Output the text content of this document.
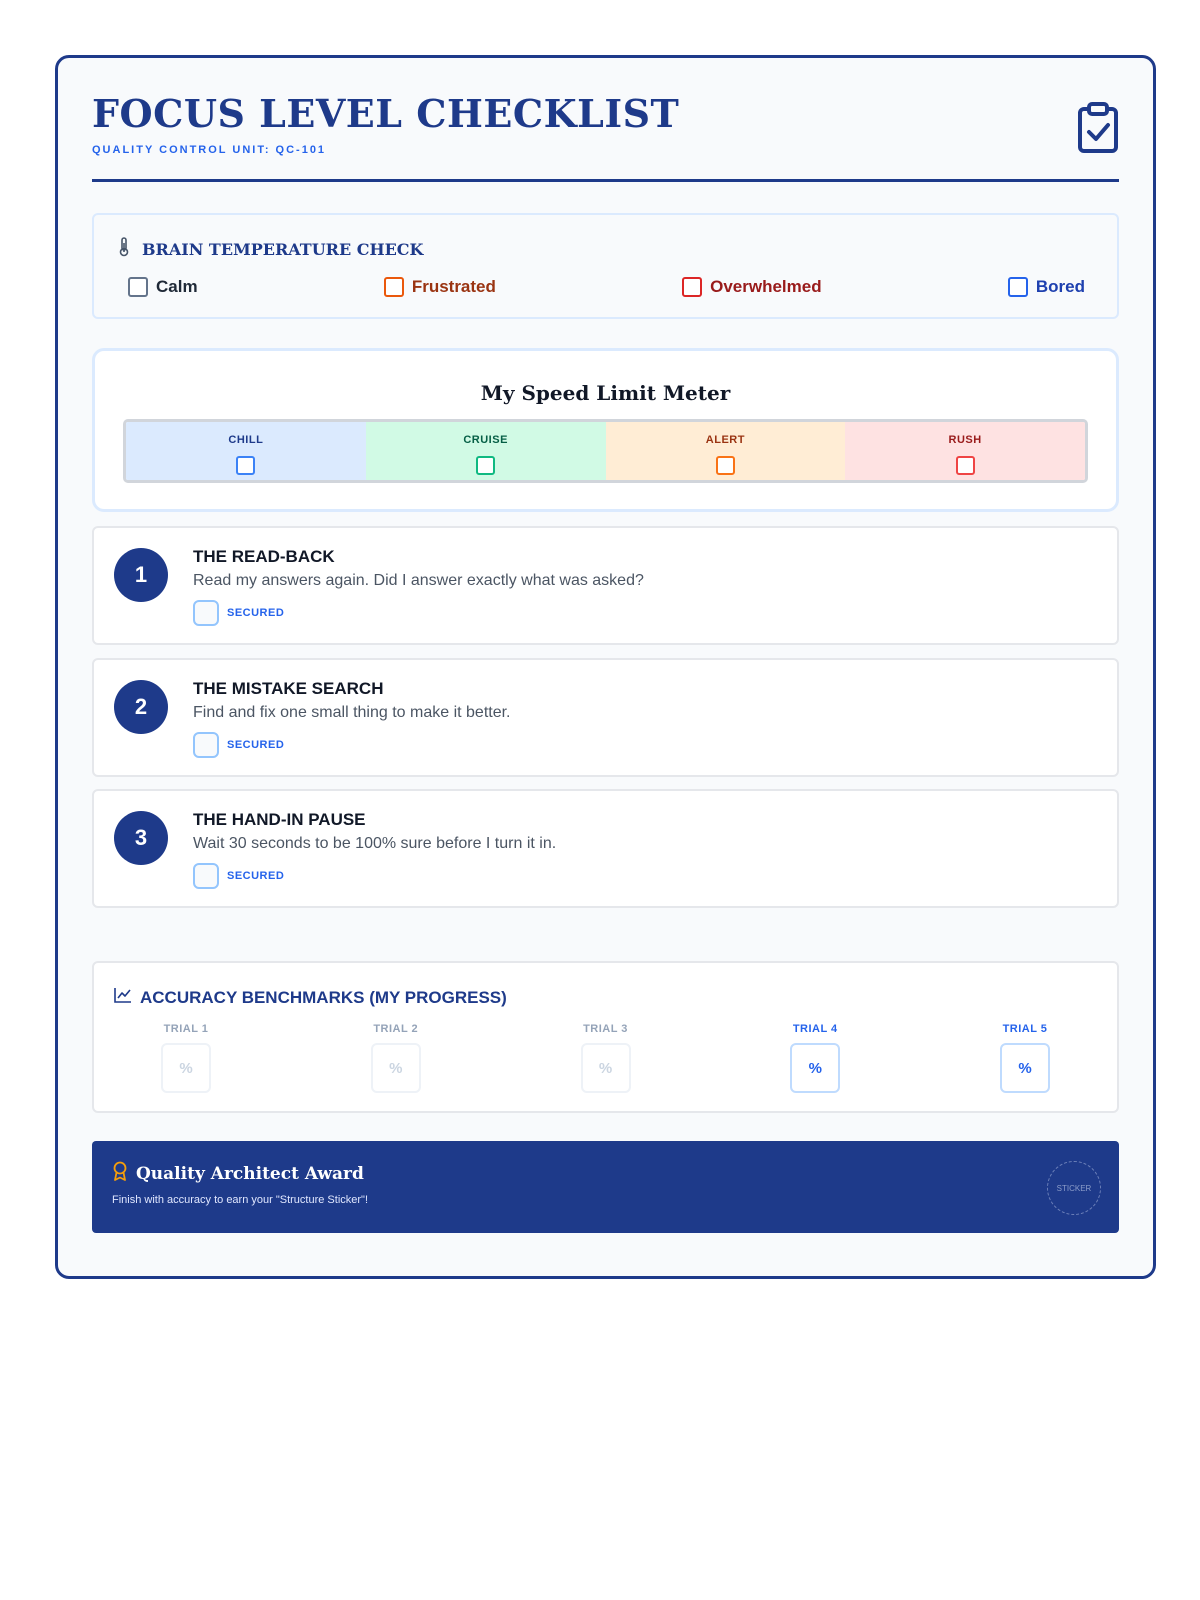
FOCUS LEVEL CHECKLIST
QUALITY CONTROL UNIT: QC-101
BRAIN TEMPERATURE CHECK
Calm	Frustrated	Overwhelmed	Bored
My Speed Limit Meter
CHILL	CRUISE	ALERT	RUSH
1
THE READ-BACK
Read my answers again. Did I answer exactly what was asked?
SECURED
2
THE MISTAKE SEARCH
Find and fix one small thing to make it better.
SECURED
3
THE HAND-IN PAUSE
Wait 30 seconds to be 100% sure before I turn it in.
SECURED
ACCURACY BENCHMARKS (MY PROGRESS)
TRIAL 1
%
TRIAL 2
%
TRIAL 3
%
TRIAL 4
%
TRIAL 5
%
Quality Architect Award
Finish with accuracy to earn your "Structure Sticker"!
STICKER
